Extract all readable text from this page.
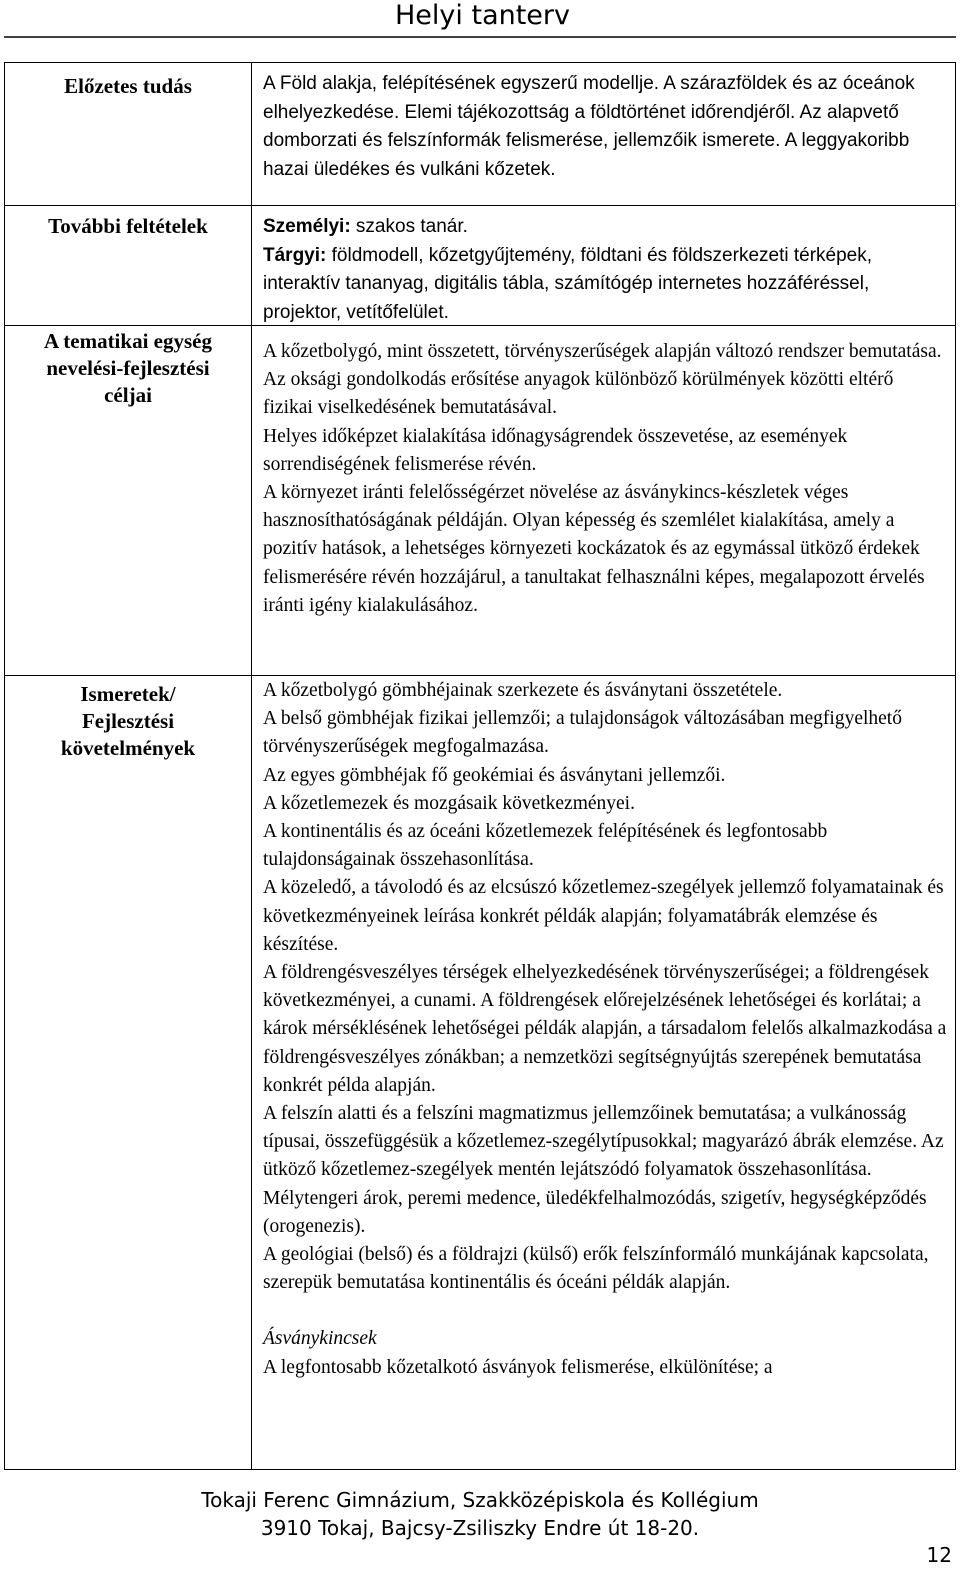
Helyi tanterv
Előzetes tudás	A Föld alakja, felépítésének egyszerű modellje. A szárazföldek és az óceánok elhelyezkedése. Elemi tájékozottság a földtörténet időrendjéről. Az alapvető domborzati és felszínformák felismerése, jellemzőik ismerete. A leggyakoribb hazai üledékes és vulkáni kőzetek.

További feltételek	Személyi: szakos tanár.

Tárgyi: földmodell, kőzetgyűjtemény, földtani és földszerkezeti térképek, interaktív tananyag, digitális tábla, számítógép internetes hozzáféréssel, projektor, vetítőfelület.

A tematikai egység
nevelési-fejlesztési
céljai

A kőzetbolygó, mint összetett, törvényszerűségek alapján változó rendszer bemutatása. Az oksági gondolkodás erősítése anyagok különböző körülmények közötti eltérő fizikai viselkedésének bemutatásával.

Helyes időképzet kialakítása időnagyságrendek összevetése, az események sorrendiségének felismerése révén.

A környezet iránti felelősségérzet növelése az ásványkincs-készletek véges hasznosíthatóságának példáján. Olyan képesség és szemlélet kialakítása, amely a pozitív hatások, a lehetséges környezeti kockázatok és az egymással ütköző érdekek felismerésére révén hozzájárul, a tanultakat felhasználni képes, megalapozott érvelés iránti igény kialakulásához.

Ismeretek/
Fejlesztési
követelmények

A kőzetbolygó gömbhéjainak szerkezete és ásványtani összetétele.

A belső gömbhéjak fizikai jellemzői; a tulajdonságok változásában megfigyelhető törvényszerűségek megfogalmazása.

Az egyes gömbhéjak fő geokémiai és ásványtani jellemzői.

A kőzetlemezek és mozgásaik következményei.

A kontinentális és az óceáni kőzetlemezek felépítésének és legfontosabb tulajdonságainak összehasonlítása.

A közeledő, a távolodó és az elcsúszó kőzetlemez-szegélyek jellemző folyamatainak és következményeinek leírása konkrét példák alapján; folyamatábrák elemzése és készítése.

A földrengésveszélyes térségek elhelyezkedésének törvényszerűségei; a földrengések következményei, a cunami. A földrengések előrejelzésének lehetőségei és korlátai; a károk mérséklésének lehetőségei példák alapján, a társadalom felelős alkalmazkodása a földrengésveszélyes zónákban; a nemzetközi segítségnyújtás szerepének bemutatása konkrét példa alapján.

A felszín alatti és a felszíni magmatizmus jellemzőinek bemutatása; a vulkánosság típusai, összefüggésük a kőzetlemez-szegélytípusokkal; magyarázó ábrák elemzése. Az ütköző kőzetlemez-szegélyek mentén lejátszódó folyamatok összehasonlítása. Mélytengeri árok, peremi medence, üledékfelhalmozódás, szigetív, hegységképződés (orogenezis).

A geológiai (belső) és a földrajzi (külső) erők felszínformáló munkájának kapcsolata, szerepük bemutatása kontinentális és óceáni példák alapján.

Ásványkincsek

A legfontosabb kőzetalkotó ásványok felismerése, elkülönítése; a

Tokaji Ferenc Gimnázium, Szakközépiskola és Kollégium
3910 Tokaj, Bajcsy-Zsiliszky Endre út 18-20.
12
